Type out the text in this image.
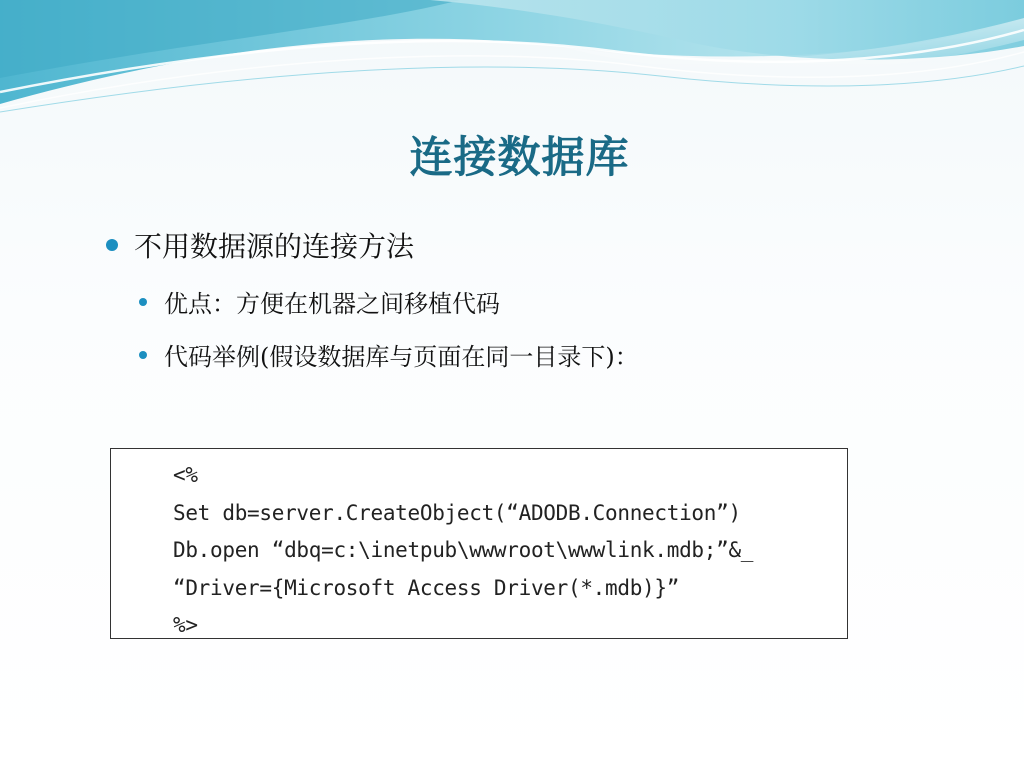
连接数据库
不用数据源的连接方法
优点：方便在机器之间移植代码
代码举例(假设数据库与页面在同一目录下)：
<%
Set db=server.CreateObject(“ADODB.Connection”)
Db.open “dbq=c:\inetpub\wwwroot\wwwlink.mdb;”&_
“Driver={Microsoft Access Driver(*.mdb)}”
%>
